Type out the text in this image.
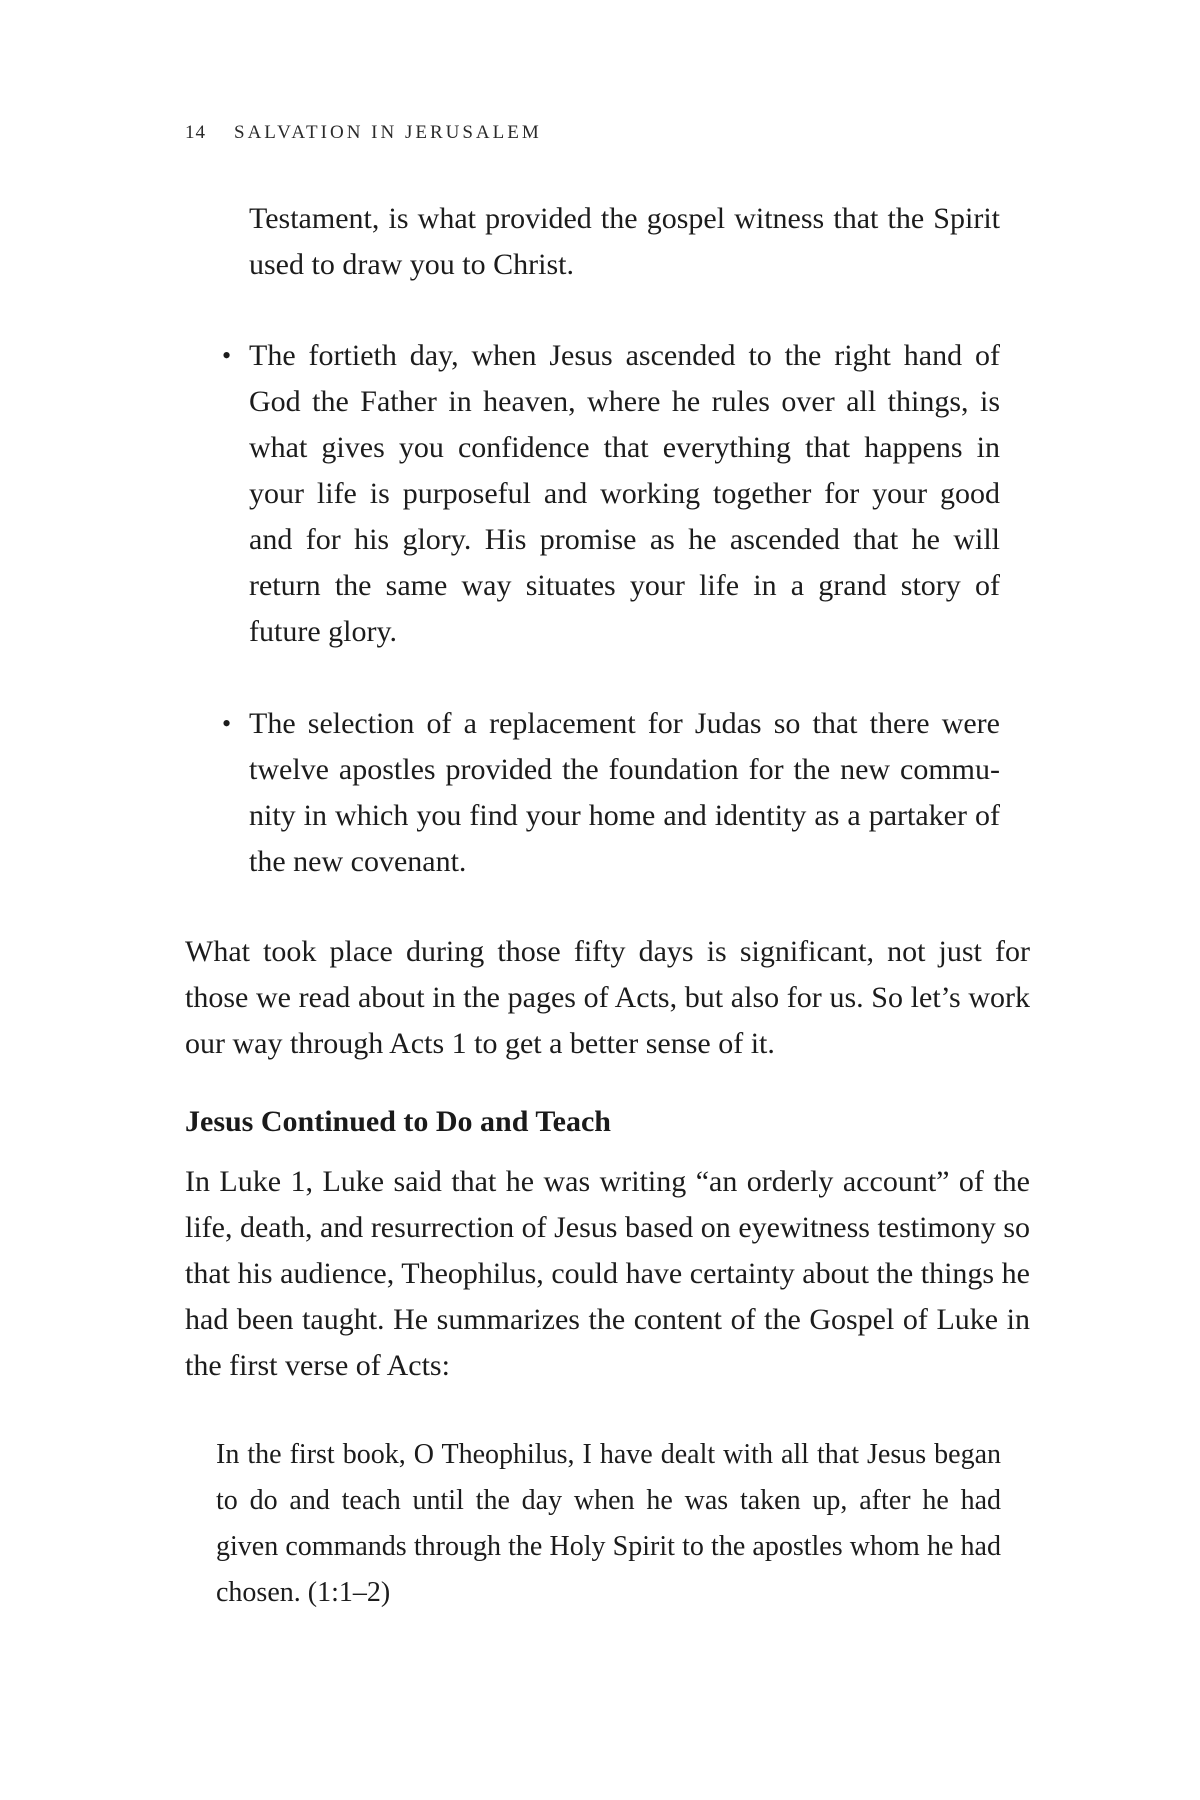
14 SALVATION IN JERUSALEM
Testament, is what provided the gospel witness that the Spirit used to draw you to Christ.
• The fortieth day, when Jesus ascended to the right hand of God the Father in heaven, where he rules over all things, is what gives you confidence that everything that happens in your life is purposeful and working together for your good and for his glory. His promise as he ascended that he will return the same way situates your life in a grand story of future glory.
• The selection of a replacement for Judas so that there were twelve apostles provided the foundation for the new community in which you find your home and identity as a partaker of the new covenant.
What took place during those fifty days is significant, not just for those we read about in the pages of Acts, but also for us. So let’s work our way through Acts 1 to get a better sense of it.
Jesus Continued to Do and Teach
In Luke 1, Luke said that he was writing “an orderly account” of the life, death, and resurrection of Jesus based on eyewitness testimony so that his audience, Theophilus, could have certainty about the things he had been taught. He summarizes the content of the Gospel of Luke in the first verse of Acts:
In the first book, O Theophilus, I have dealt with all that Jesus began to do and teach until the day when he was taken up, after he had given commands through the Holy Spirit to the apostles whom he had chosen. (1:1–2)
